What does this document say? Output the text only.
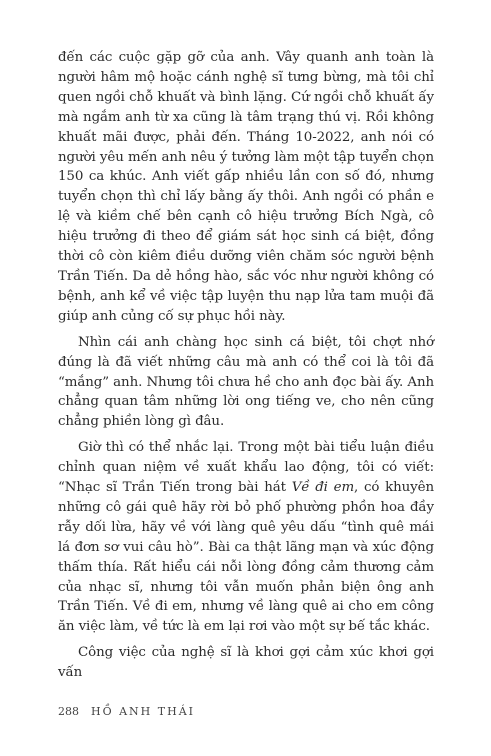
đến các cuộc gặp gỡ của anh. Vây quanh anh toàn là người hâm mộ hoặc cánh nghệ sĩ tưng bừng, mà tôi chỉ quen ngồi chỗ khuất và bình lặng. Cứ ngồi chỗ khuất ấy mà ngắm anh từ xa cũng là tâm trạng thú vị. Rồi không khuất mãi được, phải đến. Tháng 10-2022, anh nói có người yêu mến anh nêu ý tưởng làm một tập tuyển chọn 150 ca khúc. Anh viết gấp nhiều lần con số đó, nhưng tuyển chọn thì chỉ lấy bằng ấy thôi. Anh ngồi có phần e lệ và kiềm chế bên cạnh cô hiệu trưởng Bích Ngà, cô hiệu trưởng đi theo để giám sát học sinh cá biệt, đồng thời cô còn kiêm điều dưỡng viên chăm sóc người bệnh Trần Tiến. Da dẻ hồng hào, sắc vóc như người không có bệnh, anh kể về việc tập luyện thu nạp lửa tam muội đã giúp anh củng cố sự phục hồi này.

Nhìn cái anh chàng học sinh cá biệt, tôi chợt nhớ đúng là đã viết những câu mà anh có thể coi là tôi đã “mắng” anh. Nhưng tôi chưa hề cho anh đọc bài ấy. Anh chẳng quan tâm những lời ong tiếng ve, cho nên cũng chẳng phiền lòng gì đâu.

Giờ thì có thể nhắc lại. Trong một bài tiểu luận điều chỉnh quan niệm về xuất khẩu lao động, tôi có viết: “Nhạc sĩ Trần Tiến trong bài hát Về đi em, có khuyên những cô gái quê hãy rời bỏ phố phường phồn hoa đầy rẫy dối lừa, hãy về với làng quê yêu dấu “tình quê mái lá đơn sơ vui câu hò”. Bài ca thật lãng mạn và xúc động thấm thía. Rất hiểu cái nỗi lòng đồng cảm thương cảm của nhạc sĩ, nhưng tôi vẫn muốn phản biện ông anh Trần Tiến. Về đi em, nhưng về làng quê ai cho em công ăn việc làm, về tức là em lại rơi vào một sự bế tắc khác.

Công việc của nghệ sĩ là khơi gợi cảm xúc khơi gợi vấn

288 HỒ ANH THÁI
